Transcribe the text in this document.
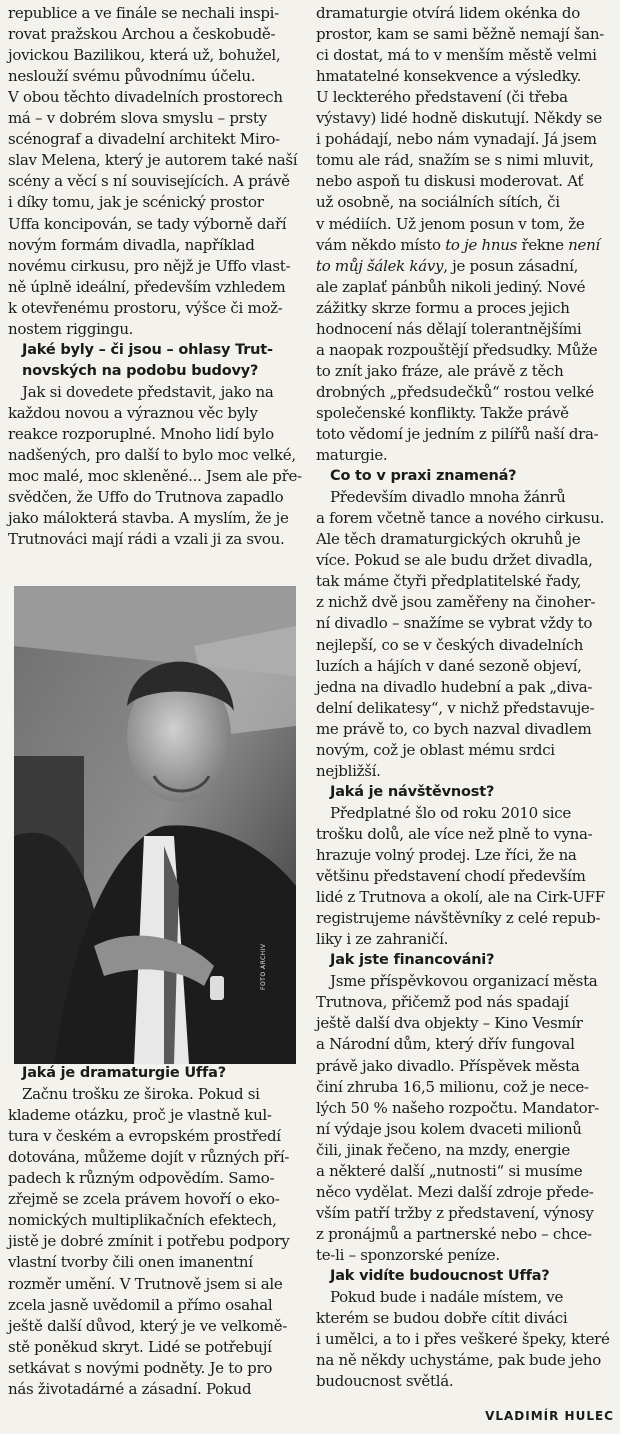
republice a ve finále se nechali inspi-
rovat pražskou Archou a českobudě-
jovickou Bazilikou, která už, bohužel,
neslouží svému původnímu účelu.
V obou těchto divadelních prostorech
má – v dobrém slova smyslu – prsty
scénograf a divadelní architekt Miro-
slav Melena, který je autorem také naší
scény a věcí s ní souvisejících. A právě
i díky tomu, jak je scénický prostor
Uffa koncipován, se tady výborně daří
novým formám divadla, například
novému cirkusu, pro nějž je Uffo vlast-
ně úplně ideální, především vzhledem
k otevřenému prostoru, výšce či mož-
nostem riggingu.
Jaké byly – či jsou – ohlasy Trut-
novských na podobu budovy?
Jak si dovedete představit, jako na
každou novou a výraznou věc byly
reakce rozporuplné. Mnoho lidí bylo
nadšených, pro další to bylo moc velké,
moc malé, moc skleněné... Jsem ale pře-
svědčen, že Uffo do Trutnova zapadlo
jako málokterá stavba. A myslím, že je
Trutnováci mají rádi a vzali ji za svou.
Jaká je dramaturgie Uffa?
Začnu trošku ze široka. Pokud si
klademe otázku, proč je vlastně kul-
tura v českém a evropském prostředí
dotována, můžeme dojít v různých pří-
padech k různým odpovědím. Samo-
zřejmě se zcela právem hovoří o eko-
nomických multiplikačních efektech,
jistě je dobré zmínit i potřebu podpory
vlastní tvorby čili onen imanentní
rozměr umění. V Trutnově jsem si ale
zcela jasně uvědomil a přímo osahal
ještě další důvod, který je ve velkomě-
stě poněkud skryt. Lidé se potřebují
setkávat s novými podněty. Je to pro
nás životadárné a zásadní. Pokud
dramaturgie otvírá lidem okénka do
prostor, kam se sami běžně nemají šan-
ci dostat, má to v menším městě velmi
hmatatelné konsekvence a výsledky.
U leckterého představení (či třeba
výstavy) lidé hodně diskutují. Někdy se
i pohádají, nebo nám vynadají. Já jsem
tomu ale rád, snažím se s nimi mluvit,
nebo aspoň tu diskusi moderovat. Ať
už osobně, na sociálních sítích, či
v médiích. Už jenom posun v tom, že
vám někdo místo to je hnus řekne není
to můj šálek kávy, je posun zásadní,
ale zaplať pánbůh nikoli jediný. Nové
zážitky skrze formu a proces jejich
hodnocení nás dělají tolerantnějšími
a naopak rozpouštějí předsudky. Může
to znít jako fráze, ale právě z těch
drobných „předsudečků“ rostou velké
společenské konflikty. Takže právě
toto vědomí je jedním z pilířů naší dra-
maturgie.
Co to v praxi znamená?
Především divadlo mnoha žánrů
a forem včetně tance a nového cirkusu.
Ale těch dramaturgických okruhů je
více. Pokud se ale budu držet divadla,
tak máme čtyři předplatitelské řady,
z nichž dvě jsou zaměřeny na činoher-
ní divadlo – snažíme se vybrat vždy to
nejlepší, co se v českých divadelních
luzích a hájích v dané sezoně objeví,
jedna na divadlo hudební a pak „diva-
delní delikatesy“, v nichž představuje-
me právě to, co bych nazval divadlem
novým, což je oblast mému srdci
nejbližší.
Jaká je návštěvnost?
Předplatné šlo od roku 2010 sice
trošku dolů, ale více než plně to vyna-
hrazuje volný prodej. Lze říci, že na
většinu představení chodí především
lidé z Trutnova a okolí, ale na Cirk-UFF
registrujeme návštěvníky z celé repub-
liky i ze zahraničí.
Jak jste financováni?
Jsme příspěvkovou organizací města
Trutnova, přičemž pod nás spadají
ještě další dva objekty – Kino Vesmír
a Národní dům, který dřív fungoval
právě jako divadlo. Příspěvek města
činí zhruba 16,5 milionu, což je nece-
lých 50 % našeho rozpočtu. Mandator-
ní výdaje jsou kolem dvaceti milionů
čili, jinak řečeno, na mzdy, energie
a některé další „nutnosti“ si musíme
něco vydělat. Mezi další zdroje přede-
vším patří tržby z představení, výnosy
z pronájmů a partnerské nebo – chce-
te-li – sponzorské peníze.
Jak vidíte budoucnost Uffa?
Pokud bude i nadále místem, ve
kterém se budou dobře cítit diváci
i umělci, a to i přes veškeré špeky, které
na ně někdy uchystáme, pak bude jeho
budoucnost světlá.
FOTO ARCHIV
VLADIMÍR HULEC
